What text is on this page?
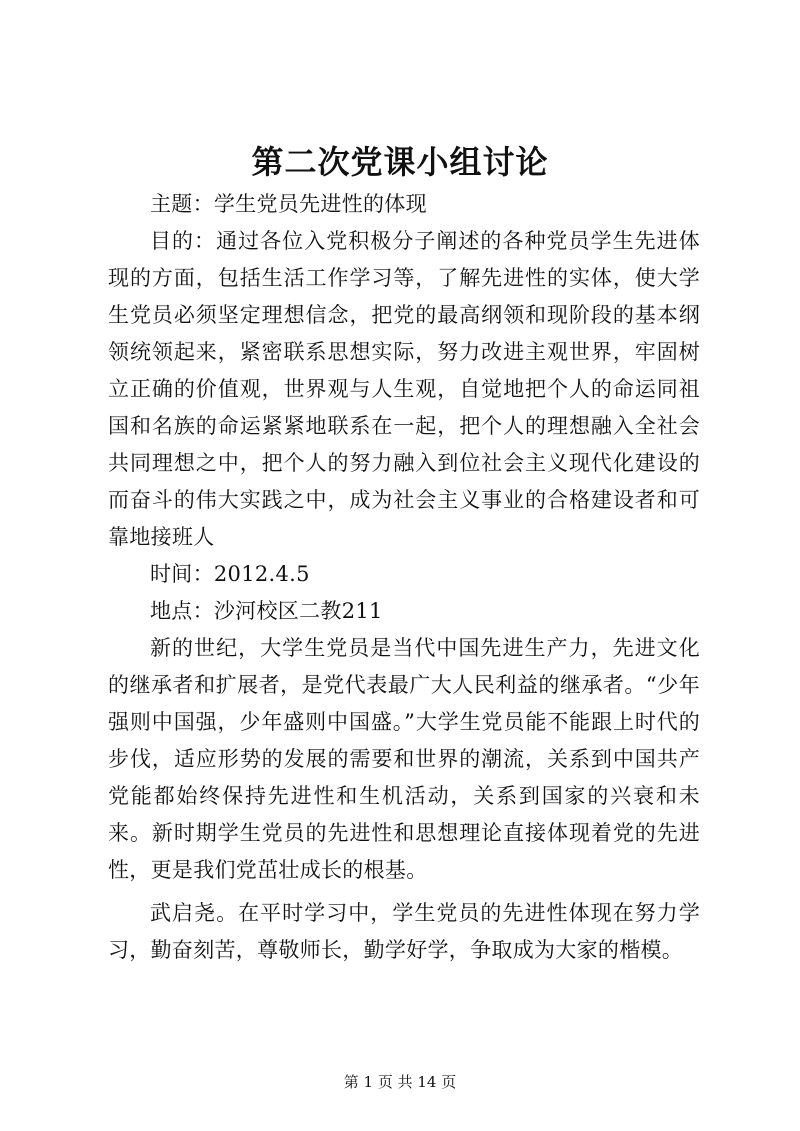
第二次党课小组讨论

主题：学生党员先进性的体现

目的：通过各位入党积极分子阐述的各种党员学生先进体现的方面，包括生活工作学习等，了解先进性的实体，使大学生党员必须坚定理想信念，把党的最高纲领和现阶段的基本纲领统领起来，紧密联系思想实际，努力改进主观世界，牢固树立正确的价值观，世界观与人生观，自觉地把个人的命运同祖国和名族的命运紧紧地联系在一起，把个人的理想融入全社会共同理想之中，把个人的努力融入到位社会主义现代化建设的而奋斗的伟大实践之中，成为社会主义事业的合格建设者和可靠地接班人

时间：2012.4.5

地点：沙河校区二教211

新的世纪，大学生党员是当代中国先进生产力，先进文化的继承者和扩展者，是党代表最广大人民利益的继承者。“少年强则中国强，少年盛则中国盛。”大学生党员能不能跟上时代的步伐，适应形势的发展的需要和世界的潮流，关系到中国共产党能都始终保持先进性和生机活动，关系到国家的兴衰和未来。新时期学生党员的先进性和思想理论直接体现着党的先进性，更是我们党茁壮成长的根基。

武启尧。在平时学习中，学生党员的先进性体现在努力学习，勤奋刻苦，尊敬师长，勤学好学，争取成为大家的楷模。

第 1 页 共 14 页
